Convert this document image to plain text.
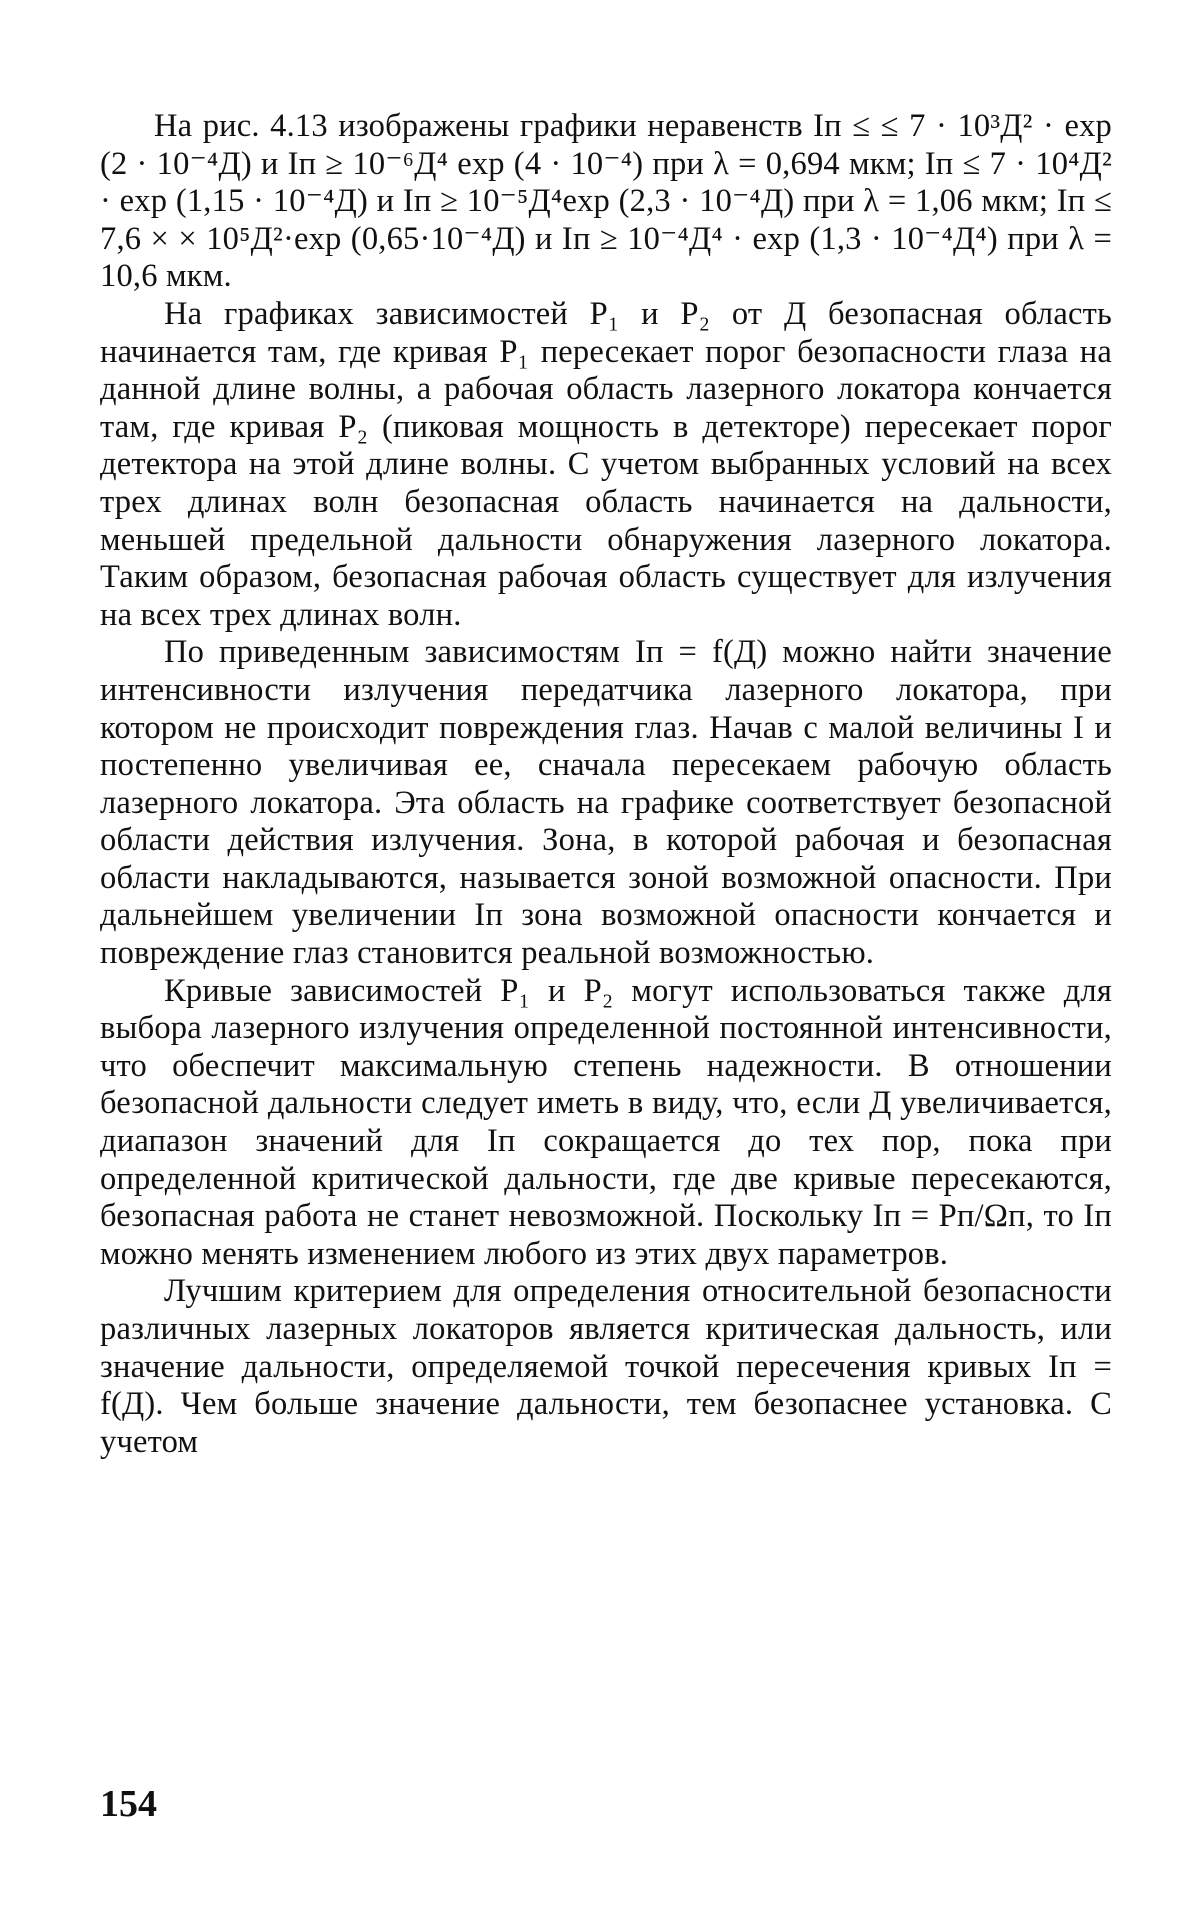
На рис. 4.13 изображены графики неравенств Iп ≤ ≤ 7 · 10³Д² · exp (2 · 10⁻⁴Д) и Iп ≥ 10⁻⁶Д⁴ exp (4 · 10⁻⁴) при λ = 0,694 мкм; Iп ≤ 7 · 10⁴Д² · exp (1,15 · 10⁻⁴Д) и Iп ≥ 10⁻⁵Д⁴exp (2,3 · 10⁻⁴Д) при λ = 1,06 мкм; Iп ≤ 7,6 × × 10⁵Д²·exp (0,65·10⁻⁴Д) и Iп ≥ 10⁻⁴Д⁴ · exp (1,3 · 10⁻⁴Д⁴) при λ = 10,6 мкм.

На графиках зависимостей P₁ и P₂ от Д безопасная область начинается там, где кривая P₁ пересекает порог безопасности глаза на данной длине волны, а рабочая область лазерного локатора кончается там, где кривая P₂ (пиковая мощность в детекторе) пересекает порог детектора на этой длине волны. С учетом выбранных условий на всех трех длинах волн безопасная область начинается на дальности, меньшей предельной дальности обнаружения лазерного локатора. Таким образом, безопасная рабочая область существует для излучения на всех трех длинах волн.

По приведенным зависимостям Iп = f(Д) можно найти значение интенсивности излучения передатчика лазерного локатора, при котором не происходит повреждения глаз. Начав с малой величины I и постепенно увеличивая ее, сначала пересекаем рабочую область лазерного локатора. Эта область на графике соответствует безопасной области действия излучения. Зона, в которой рабочая и безопасная области накладываются, называется зоной возможной опасности. При дальнейшем увеличении Iп зона возможной опасности кончается и повреждение глаз становится реальной возможностью.

Кривые зависимостей P₁ и P₂ могут использоваться также для выбора лазерного излучения определенной постоянной интенсивности, что обеспечит максимальную степень надежности. В отношении безопасной дальности следует иметь в виду, что, если Д увеличивается, диапазон значений для Iп сокращается до тех пор, пока при определенной критической дальности, где две кривые пересекаются, безопасная работа не станет невозможной. Поскольку Iп = Pп/Ωп, то Iп можно менять изменением любого из этих двух параметров.

Лучшим критерием для определения относительной безопасности различных лазерных локаторов является критическая дальность, или значение дальности, определяемой точкой пересечения кривых Iп = f(Д). Чем больше значение дальности, тем безопаснее установка. С учетом

154
